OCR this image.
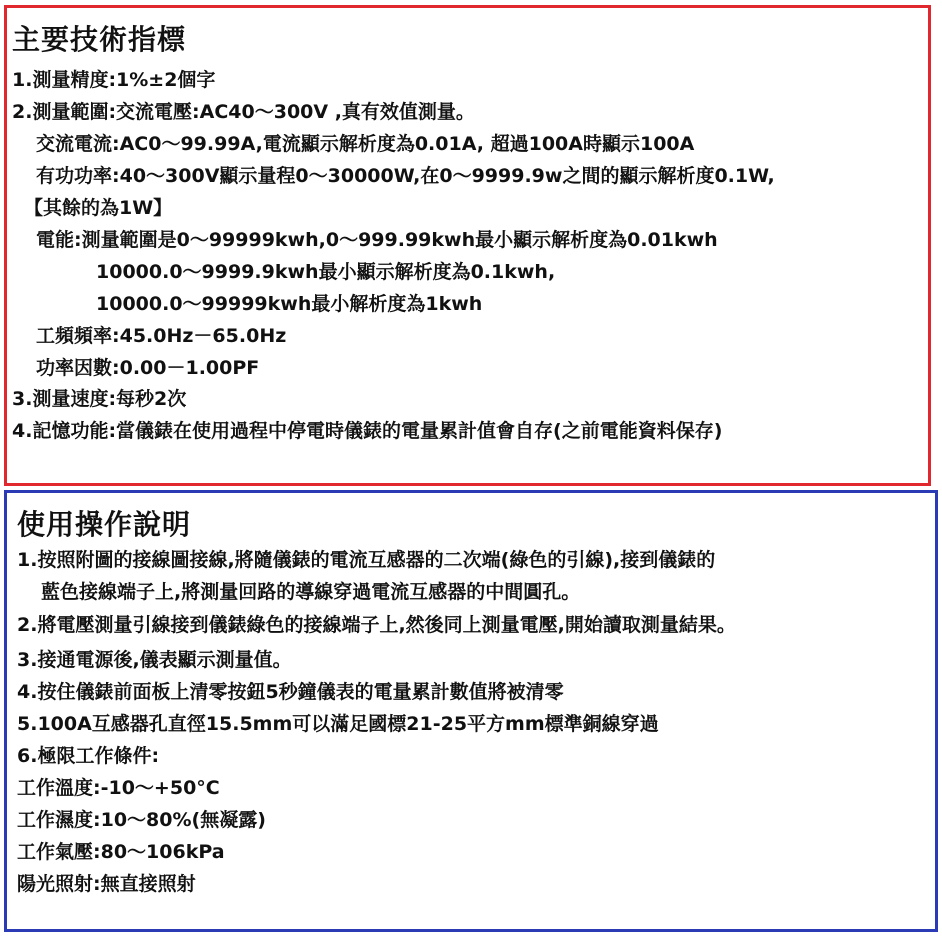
主要技術指標
1.測量精度:1%±2個字
2.測量範圍:交流電壓:AC40～300V ,真有效值測量。
交流電流:AC0～99.99A,電流顯示解析度為0.01A, 超過100A時顯示100A
有功功率:40～300V顯示量程0～30000W,在0～9999.9w之間的顯示解析度0.1W,
【其餘的為1W】
電能:測量範圍是0～99999kwh,0～999.99kwh最小顯示解析度為0.01kwh
10000.0～9999.9kwh最小顯示解析度為0.1kwh,
10000.0～99999kwh最小解析度為1kwh
工頻頻率:45.0Hz－65.0Hz
功率因數:0.00－1.00PF
3.測量速度:每秒2次
4.記憶功能:當儀錶在使用過程中停電時儀錶的電量累計值會自存(之前電能資料保存)
使用操作說明
1.按照附圖的接線圖接線,將隨儀錶的電流互感器的二次端(綠色的引線),接到儀錶的
藍色接線端子上,將測量回路的導線穿過電流互感器的中間圓孔。
2.將電壓測量引線接到儀錶綠色的接線端子上,然後同上測量電壓,開始讀取測量結果。
3.接通電源後,儀表顯示測量值。
4.按住儀錶前面板上清零按鈕5秒鐘儀表的電量累計數值將被清零
5.100A互感器孔直徑15.5mm可以滿足國標21-25平方mm標準銅線穿過
6.極限工作條件:
工作溫度:-10～+50°C
工作濕度:10～80%(無凝露)
工作氣壓:80～106kPa
陽光照射:無直接照射
